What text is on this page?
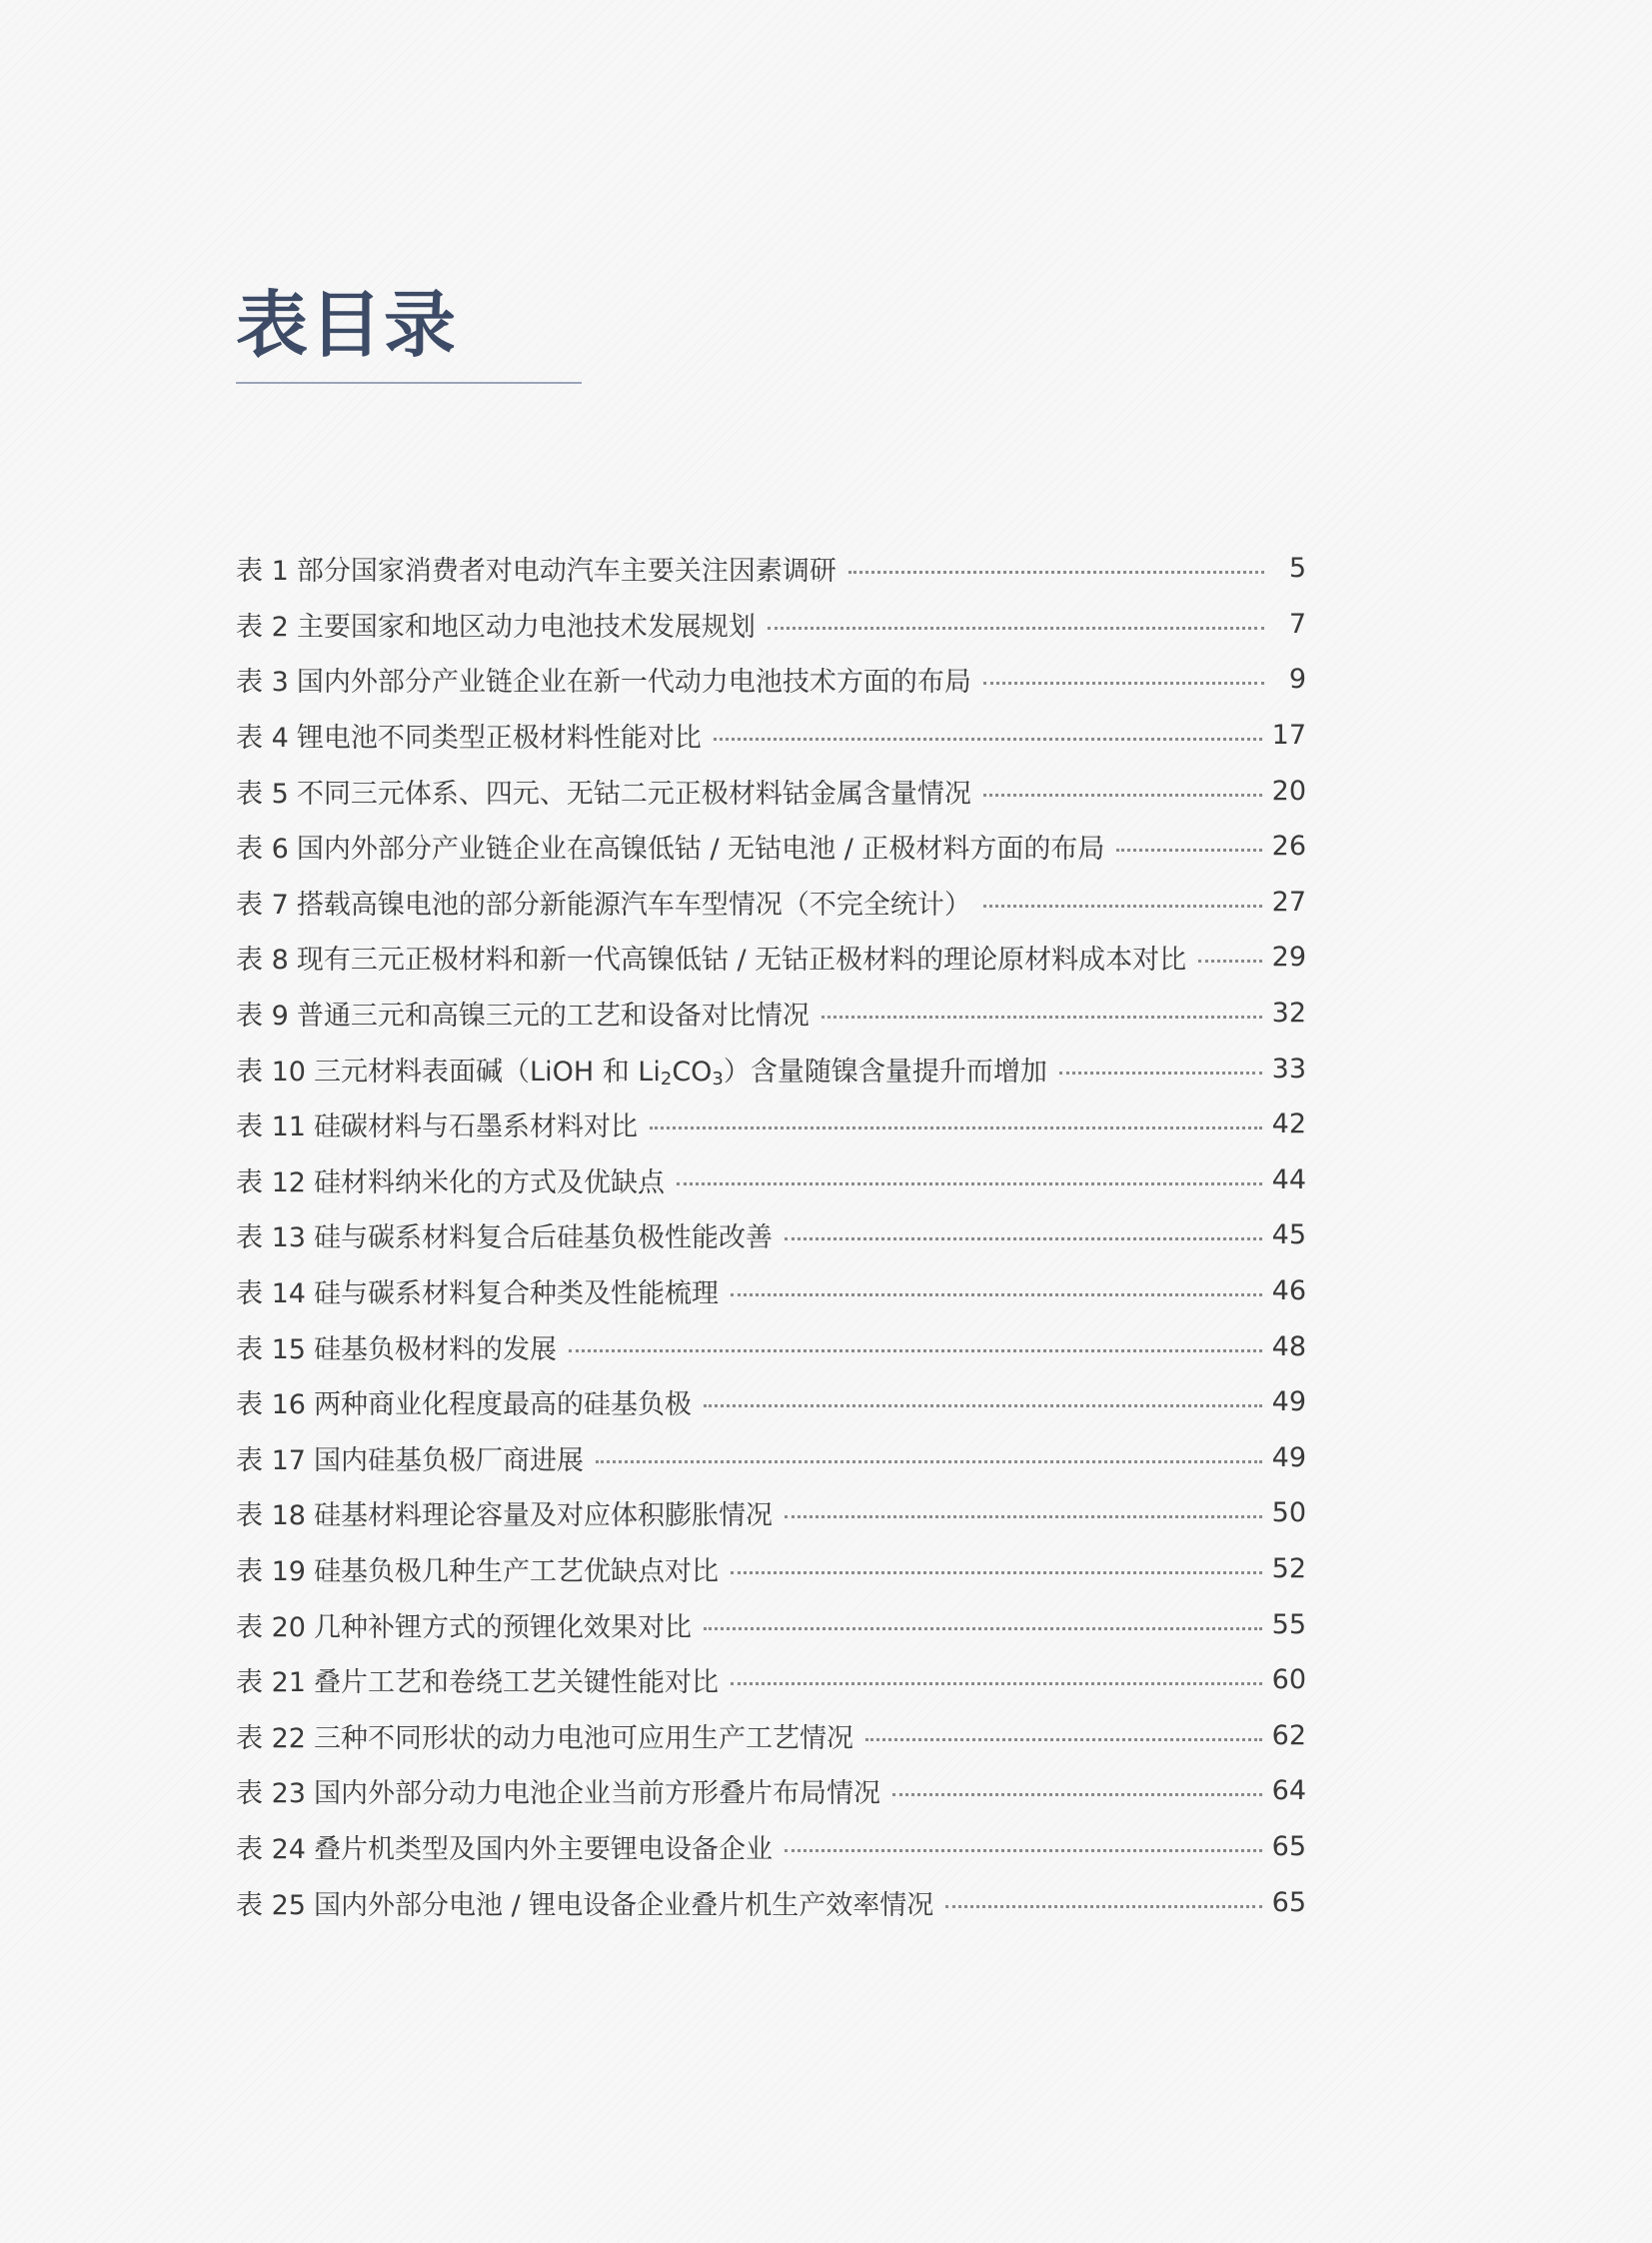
表目录
表 1 部分国家消费者对电动汽车主要关注因素调研	5
表 2 主要国家和地区动力电池技术发展规划	7
表 3 国内外部分产业链企业在新一代动力电池技术方面的布局	9
表 4 锂电池不同类型正极材料性能对比	17
表 5 不同三元体系、四元、无钴二元正极材料钴金属含量情况	20
表 6 国内外部分产业链企业在高镍低钴 / 无钴电池 / 正极材料方面的布局	26
表 7 搭载高镍电池的部分新能源汽车车型情况（不完全统计）	27
表 8 现有三元正极材料和新一代高镍低钴 / 无钴正极材料的理论原材料成本对比	29
表 9 普通三元和高镍三元的工艺和设备对比情况	32
表 10 三元材料表面碱（LiOH 和 $Li_2CO_3$）含量随镍含量提升而增加	33
表 11 硅碳材料与石墨系材料对比	42
表 12 硅材料纳米化的方式及优缺点	44
表 13 硅与碳系材料复合后硅基负极性能改善	45
表 14 硅与碳系材料复合种类及性能梳理	46
表 15 硅基负极材料的发展	48
表 16 两种商业化程度最高的硅基负极	49
表 17 国内硅基负极厂商进展	49
表 18 硅基材料理论容量及对应体积膨胀情况	50
表 19 硅基负极几种生产工艺优缺点对比	52
表 20 几种补锂方式的预锂化效果对比	55
表 21 叠片工艺和卷绕工艺关键性能对比	60
表 22 三种不同形状的动力电池可应用生产工艺情况	62
表 23 国内外部分动力电池企业当前方形叠片布局情况	64
表 24 叠片机类型及国内外主要锂电设备企业	65
表 25 国内外部分电池 / 锂电设备企业叠片机生产效率情况	65
